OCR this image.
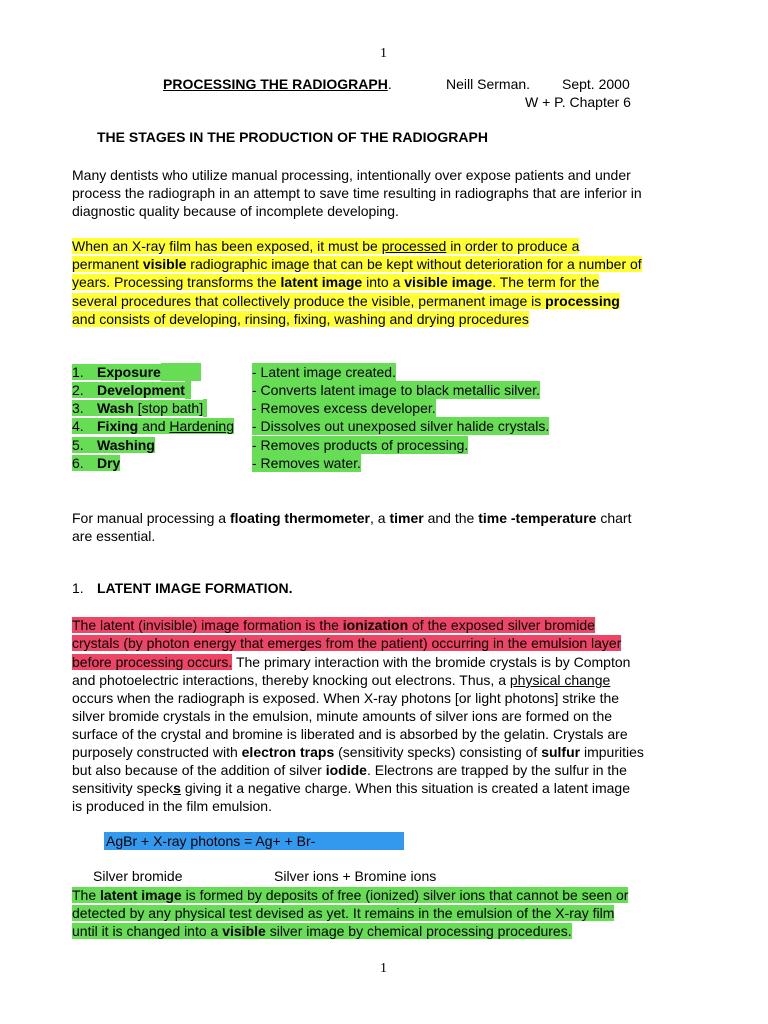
1
PROCESSING THE RADIOGRAPH.	Neill Serman. Sept. 2000
W + P. Chapter 6
THE STAGES IN THE PRODUCTION OF THE RADIOGRAPH
Many dentists who utilize manual processing, intentionally over expose patients and under
process the radiograph in an attempt to save time resulting in radiographs that are inferior in
diagnostic quality because of incomplete developing.
When an X-ray film has been exposed, it must be processed in order to produce a
permanent visible radiographic image that can be kept without deterioration for a number of
years. Processing transforms the latent image into a visible image. The term for the
several procedures that collectively produce the visible, permanent image is processing
and consists of developing, rinsing, fixing, washing and drying procedures
1. Exposure	- Latent image created.
2. Development	- Converts latent image to black metallic silver.
3. Wash [stop bath]	- Removes excess developer.
4. Fixing and Hardening - Dissolves out unexposed silver halide crystals.
5. Washing	- Removes products of processing.
6. Dry	- Removes water.
For manual processing a floating thermometer, a timer and the time -temperature chart
are essential.
1. LATENT IMAGE FORMATION.
The latent (invisible) image formation is the ionization of the exposed silver bromide
crystals (by photon energy that emerges from the patient) occurring in the emulsion layer
before processing occurs. The primary interaction with the bromide crystals is by Compton
and photoelectric interactions, thereby knocking out electrons. Thus, a physical change
occurs when the radiograph is exposed. When X-ray photons [or light photons] strike the
silver bromide crystals in the emulsion, minute amounts of silver ions are formed on the
surface of the crystal and bromine is liberated and is absorbed by the gelatin. Crystals are
purposely constructed with electron traps (sensitivity specks) consisting of sulfur impurities
but also because of the addition of silver iodide. Electrons are trapped by the sulfur in the
sensitivity specks giving it a negative charge. When this situation is created a latent image
is produced in the film emulsion.
AgBr + X-ray photons = Ag+ + Br-
Silver bromide	Silver ions + Bromine ions
The latent image is formed by deposits of free (ionized) silver ions that cannot be seen or
detected by any physical test devised as yet. It remains in the emulsion of the X-ray film
until it is changed into a visible silver image by chemical processing procedures.
1
